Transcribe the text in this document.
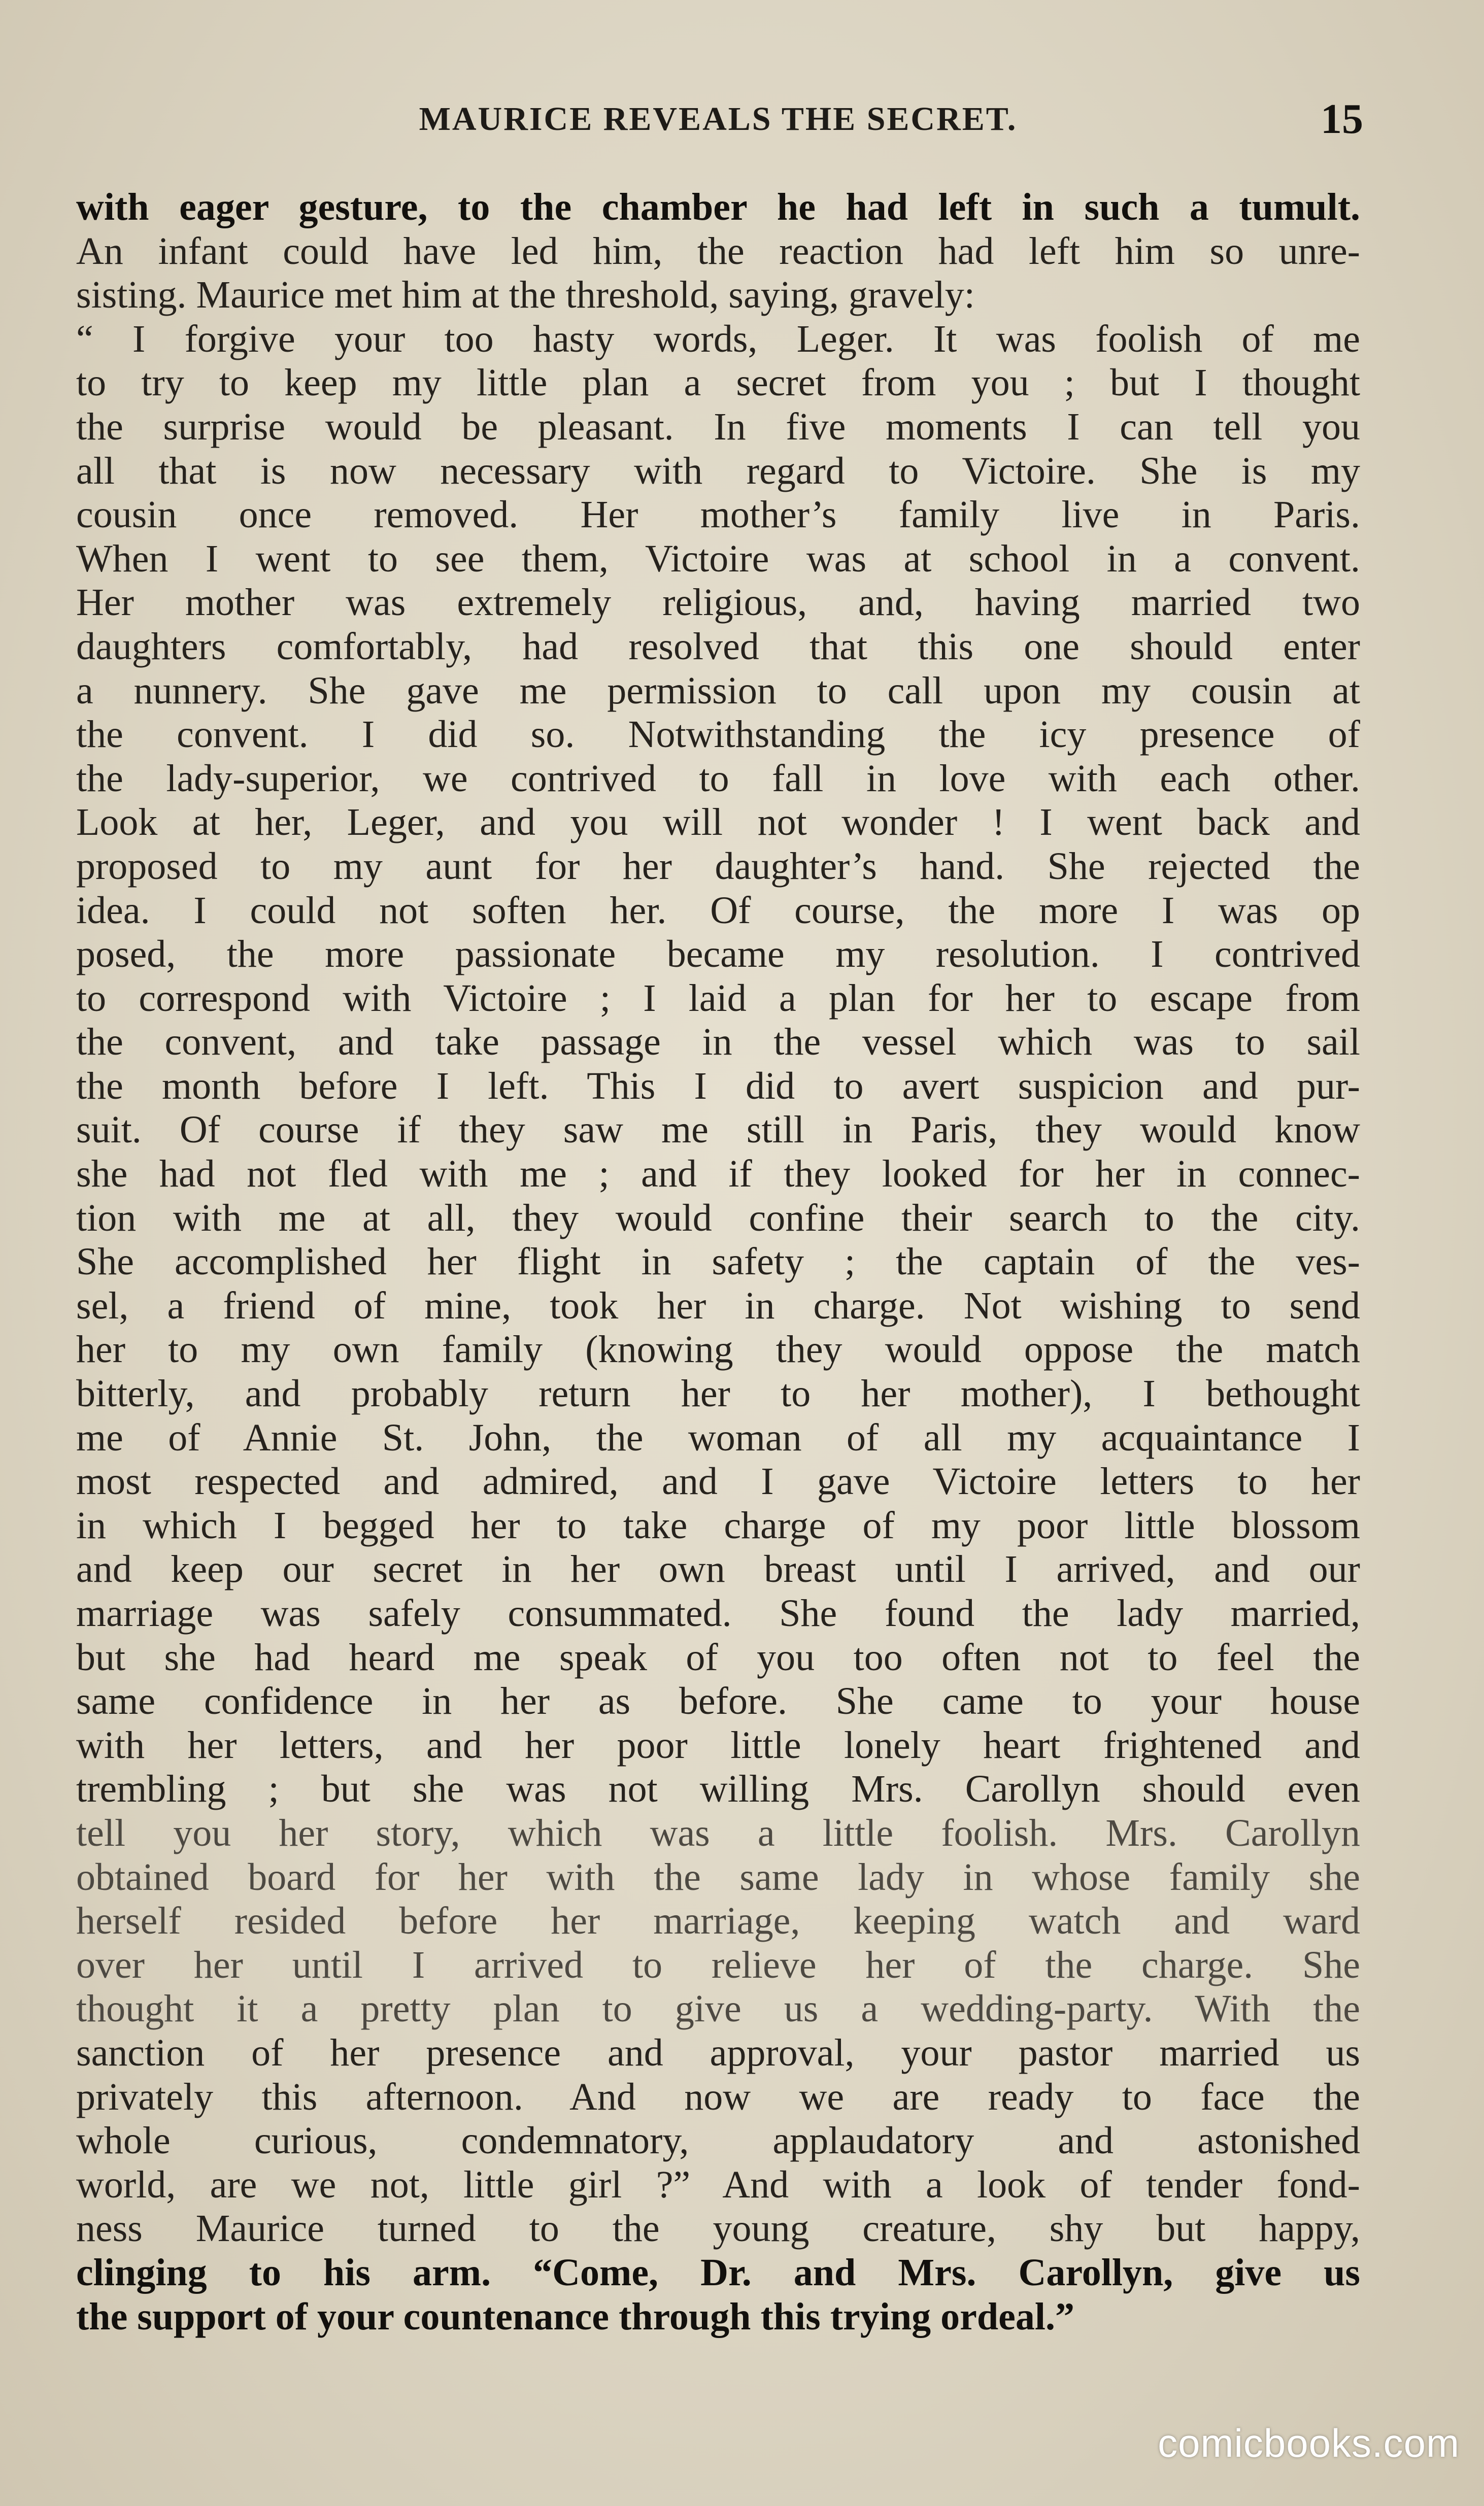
MAURICE REVEALS THE SECRET.	15
with eager gesture, to the chamber he had left in such a tumult.
An infant could have led him, the reaction had left him so unre-
sisting. Maurice met him at the threshold, saying, gravely:
“ I forgive your too hasty words, Leger. It was foolish of me
to try to keep my little plan a secret from you ; but I thought
the surprise would be pleasant. In five moments I can tell you
all that is now necessary with regard to Victoire. She is my
cousin once removed. Her mother’s family live in Paris.
When I went to see them, Victoire was at school in a convent.
Her mother was extremely religious, and, having married two
daughters comfortably, had resolved that this one should enter
a nunnery. She gave me permission to call upon my cousin at
the convent. I did so. Notwithstanding the icy presence of
the lady-superior, we contrived to fall in love with each other.
Look at her, Leger, and you will not wonder ! I went back and
proposed to my aunt for her daughter’s hand. She rejected the
idea. I could not soften her. Of course, the more I was op
posed, the more passionate became my resolution. I contrived
to correspond with Victoire ; I laid a plan for her to escape from
the convent, and take passage in the vessel which was to sail
the month before I left. This I did to avert suspicion and pur-
suit. Of course if they saw me still in Paris, they would know
she had not fled with me ; and if they looked for her in connec-
tion with me at all, they would confine their search to the city.
She accomplished her flight in safety ; the captain of the ves-
sel, a friend of mine, took her in charge. Not wishing to send
her to my own family (knowing they would oppose the match
bitterly, and probably return her to her mother), I bethought
me of Annie St. John, the woman of all my acquaintance I
most respected and admired, and I gave Victoire letters to her
in which I begged her to take charge of my poor little blossom
and keep our secret in her own breast until I arrived, and our
marriage was safely consummated. She found the lady married,
but she had heard me speak of you too often not to feel the
same confidence in her as before. She came to your house
with her letters, and her poor little lonely heart frightened and
trembling ; but she was not willing Mrs. Carollyn should even
tell you her story, which was a little foolish. Mrs. Carollyn
obtained board for her with the same lady in whose family she
herself resided before her marriage, keeping watch and ward
over her until I arrived to relieve her of the charge. She
thought it a pretty plan to give us a wedding-party. With the
sanction of her presence and approval, your pastor married us
privately this afternoon. And now we are ready to face the
whole curious, condemnatory, applaudatory and astonished
world, are we not, little girl ?” And with a look of tender fond-
ness Maurice turned to the young creature, shy but happy,
clinging to his arm. “Come, Dr. and Mrs. Carollyn, give us
the support of your countenance through this trying ordeal.”
comicbooks.com
